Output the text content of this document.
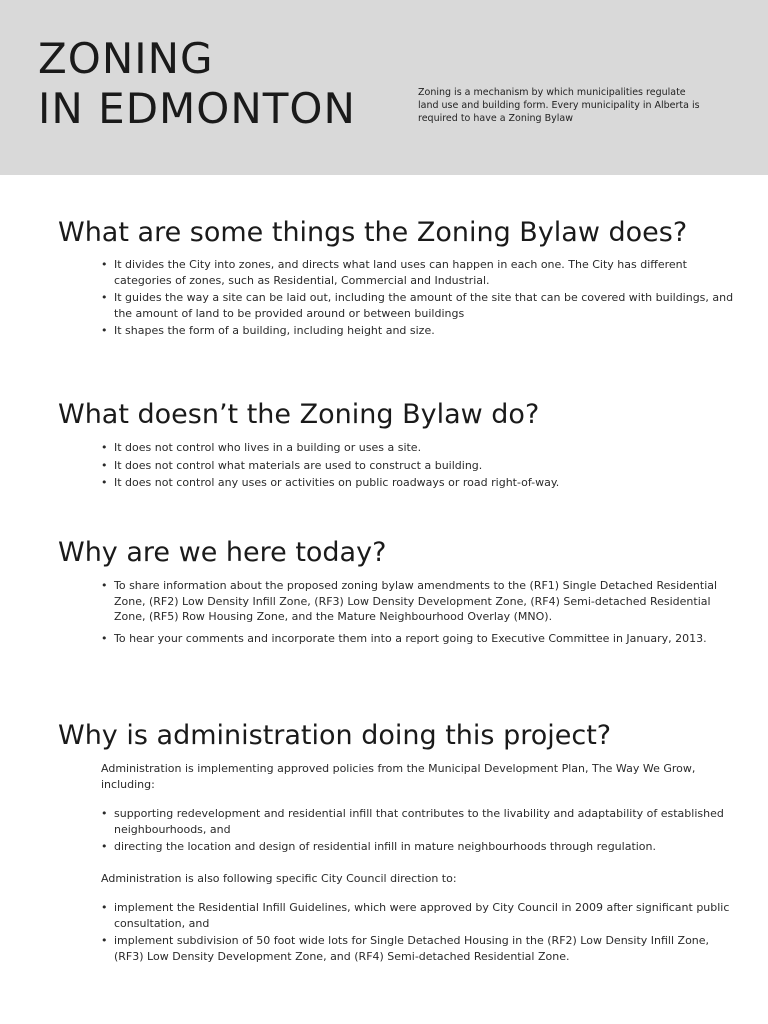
ZONING
IN EDMONTON	Zoning is a mechanism by which municipalities regulate land use and building form. Every municipality in Alberta is required to have a Zoning Bylaw
What are some things the Zoning Bylaw does?
• It divides the City into zones, and directs what land uses can happen in each one. The City has different categories of zones, such as Residential, Commercial and Industrial.
• It guides the way a site can be laid out, including the amount of the site that can be covered with buildings, and the amount of land to be provided around or between buildings
• It shapes the form of a building, including height and size.
What doesn’t the Zoning Bylaw do?
• It does not control who lives in a building or uses a site.
• It does not control what materials are used to construct a building.
• It does not control any uses or activities on public roadways or road right-of-way.
Why are we here today?
• To share information about the proposed zoning bylaw amendments to the (RF1) Single Detached Residential Zone, (RF2) Low Density Infill Zone, (RF3) Low Density Development Zone, (RF4) Semi-detached Residential Zone, (RF5) Row Housing Zone, and the Mature Neighbourhood Overlay (MNO).
• To hear your comments and incorporate them into a report going to Executive Committee in January, 2013.
Why is administration doing this project?

Administration is implementing approved policies from the Municipal Development Plan, The Way We Grow, including:

• supporting redevelopment and residential infill that contributes to the livability and adaptability of established neighbourhoods, and
• directing the location and design of residential infill in mature neighbourhoods through regulation.

Administration is also following specific City Council direction to:

• implement the Residential Infill Guidelines, which were approved by City Council in 2009 after significant public consultation, and
• implement subdivision of 50 foot wide lots for Single Detached Housing in the (RF2) Low Density Infill Zone, (RF3) Low Density Development Zone, and (RF4) Semi-detached Residential Zone.
